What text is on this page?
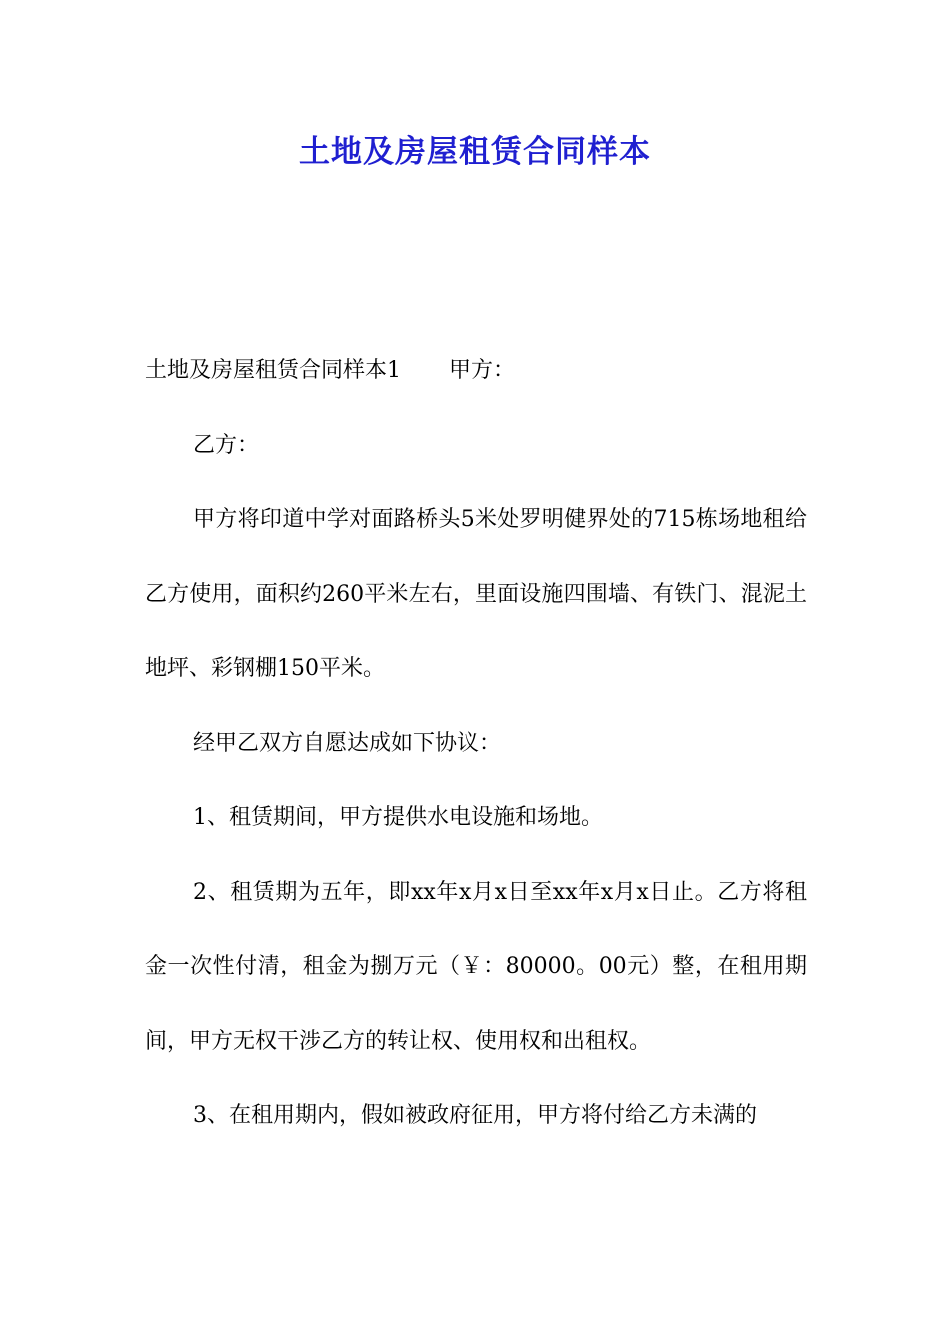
土地及房屋租赁合同样本

土地及房屋租赁合同样本1 甲方：

乙方：

甲方将印道中学对面路桥头5米处罗明健界处的715栋场地租给乙方使用，面积约260平米左右，里面设施四围墙、有铁门、混泥土地坪、彩钢棚150平米。

经甲乙双方自愿达成如下协议：

1、租赁期间，甲方提供水电设施和场地。

2、租赁期为五年，即xx年x月x日至xx年x月x日止。乙方将租金一次性付清，租金为捌万元（￥：80000。00元）整，在租用期间，甲方无权干涉乙方的转让权、使用权和出租权。

3、在租用期内，假如被政府征用，甲方将付给乙方未满的
